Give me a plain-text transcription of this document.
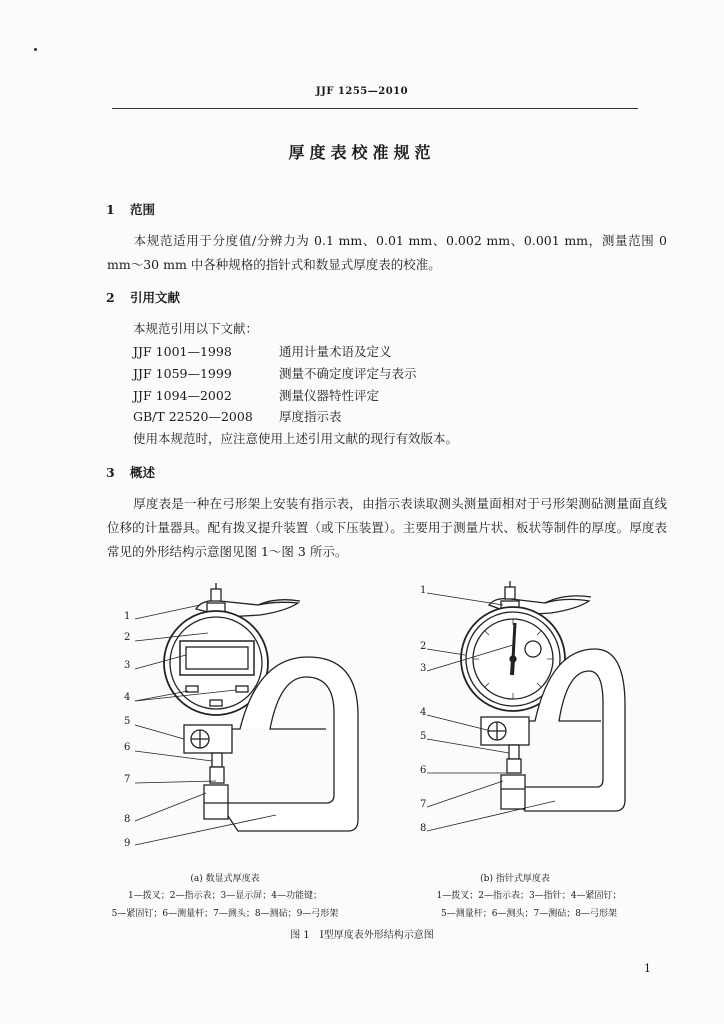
JJF 1255—2010
厚度表校准规范
1 范围
本规范适用于分度值/分辨力为 0.1 mm、0.01 mm、0.002 mm、0.001 mm，测量范围 0 mm～30 mm 中各种规格的指针式和数显式厚度表的校准。
2 引用文献
本规范引用以下文献：
JJF 1001—1998	通用计量术语及定义
JJF 1059—1999	测量不确定度评定与表示
JJF 1094—2002	测量仪器特性评定
GB/T 22520—2008 厚度指示表
使用本规范时，应注意使用上述引用文献的现行有效版本。
3 概述
厚度表是一种在弓形架上安装有指示表，由指示表读取测头测量面相对于弓形架测砧测量面直线位移的计量器具。配有拨叉提升装置（或下压装置）。主要用于测量片状、板状等制件的厚度。厚度表常见的外形结构示意图见图 1～图 3 所示。
1
2
3
4
5
6
7
8
9
1
2
3
4
5
6
7
8
(a) 数显式厚度表
1—拨叉；2—指示表；3—显示屏；4—功能键；
5—紧固钉；6—测量杆；7—测头；8—测砧；9—弓形架
(b) 指针式厚度表
1—拨叉；2—指示表；3—指针；4—紧固钉；
5—测量杆；6—测头；7—测砧；8—弓形架
图 1　Ⅰ型厚度表外形结构示意图
1
